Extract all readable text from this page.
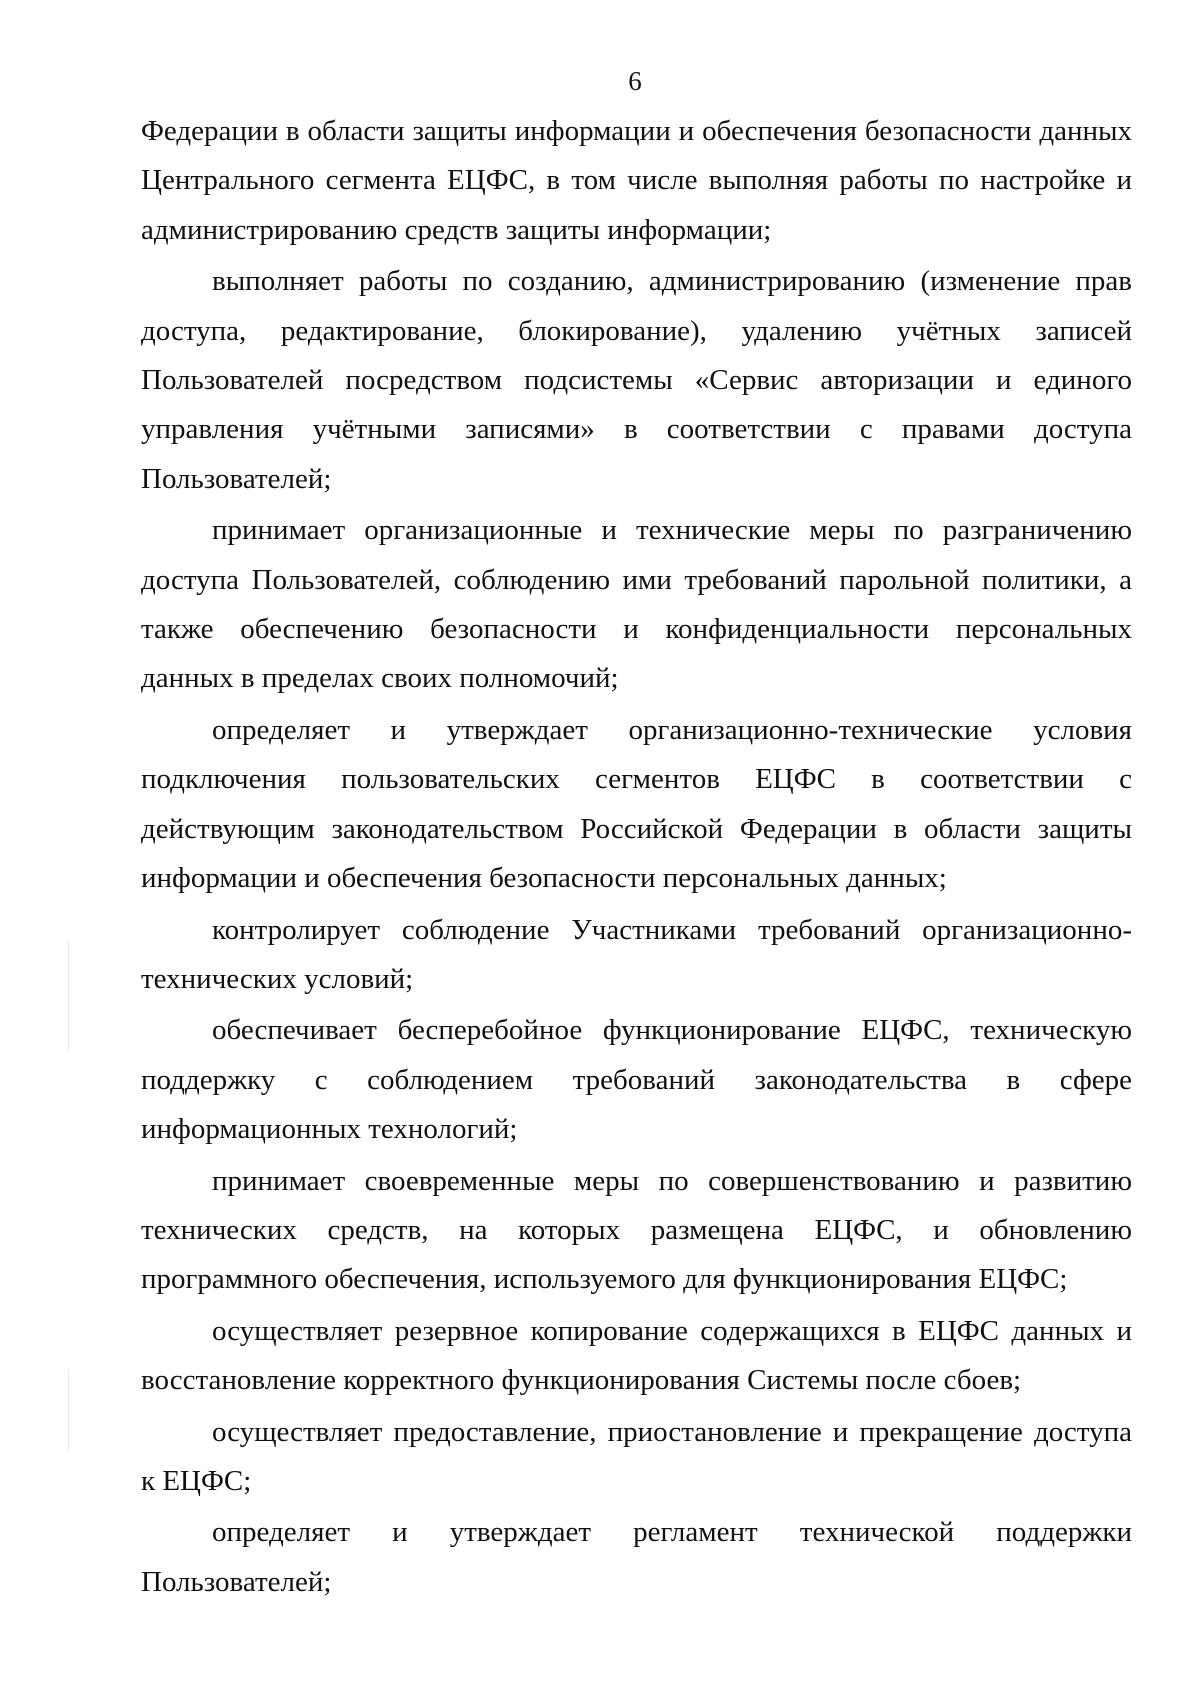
6

Федерации в области защиты информации и обеспечения безопасности данных Центрального сегмента ЕЦФС, в том числе выполняя работы по настройке и администрированию средств защиты информации;

выполняет работы по созданию, администрированию (изменение прав доступа, редактирование, блокирование), удалению учётных записей Пользователей посредством подсистемы «Сервис авторизации и единого управления учётными записями» в соответствии с правами доступа Пользователей;

принимает организационные и технические меры по разграничению доступа Пользователей, соблюдению ими требований парольной политики, а также обеспечению безопасности и конфиденциальности персональных данных в пределах своих полномочий;

определяет и утверждает организационно-технические условия подключения пользовательских сегментов ЕЦФС в соответствии с действующим законодательством Российской Федерации в области защиты информации и обеспечения безопасности персональных данных;

контролирует соблюдение Участниками требований организационно-технических условий;

обеспечивает бесперебойное функционирование ЕЦФС, техническую поддержку с соблюдением требований законодательства в сфере информационных технологий;

принимает своевременные меры по совершенствованию и развитию технических средств, на которых размещена ЕЦФС, и обновлению программного обеспечения, используемого для функционирования ЕЦФС;

осуществляет резервное копирование содержащихся в ЕЦФС данных и восстановление корректного функционирования Системы после сбоев;

осуществляет предоставление, приостановление и прекращение доступа к ЕЦФС;

определяет и утверждает регламент технической поддержки Пользователей;
